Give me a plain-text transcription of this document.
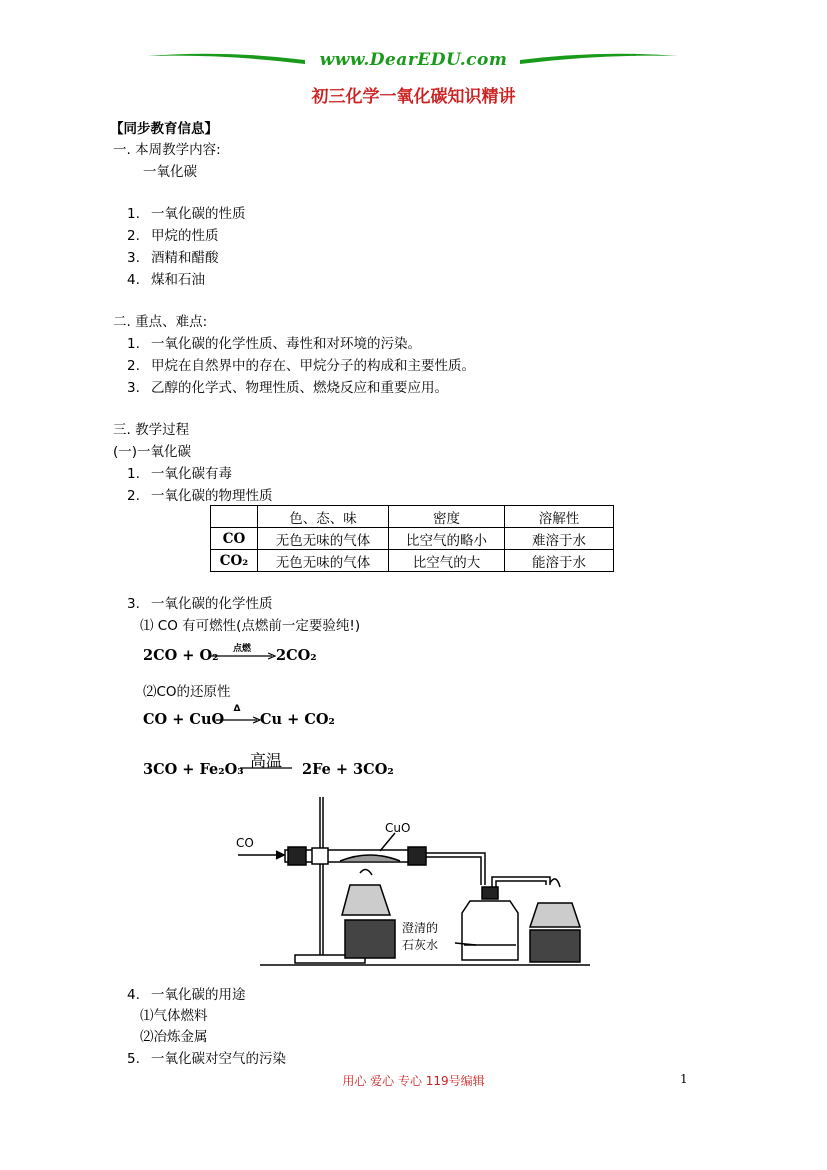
www.DearEDU.com
初三化学一氧化碳知识精讲
【同步教育信息】
一. 本周教学内容:
一氧化碳
1. 一氧化碳的性质
2. 甲烷的性质
3. 酒精和醋酸
4. 煤和石油
二. 重点、难点:
1. 一氧化碳的化学性质、毒性和对环境的污染。
2. 甲烷在自然界中的存在、甲烷分子的构成和主要性质。
3. 乙醇的化学式、物理性质、燃烧反应和重要应用。
三. 教学过程
(一)一氧化碳
1. 一氧化碳有毒
2. 一氧化碳的物理性质
	色、态、味	密度	溶解性
CO	无色无味的气体	比空气的略小	难溶于水
CO₂	无色无味的气体	比空气的大	能溶于水
3. 一氧化碳的化学性质
⑴ CO 有可燃性(点燃前一定要验纯!)
2CO + O₂	点燃	2CO₂
⑵CO的还原性
CO + CuO
Δ
Cu + CO₂
3CO + Fe₂O₃ 高温	2Fe + 3CO₂
CO
CuO
澄清的
石灰水
4. 一氧化碳的用途
⑴气体燃料
⑵冶炼金属
5. 一氧化碳对空气的污染
用心 爱心 专心 119号编辑	1
